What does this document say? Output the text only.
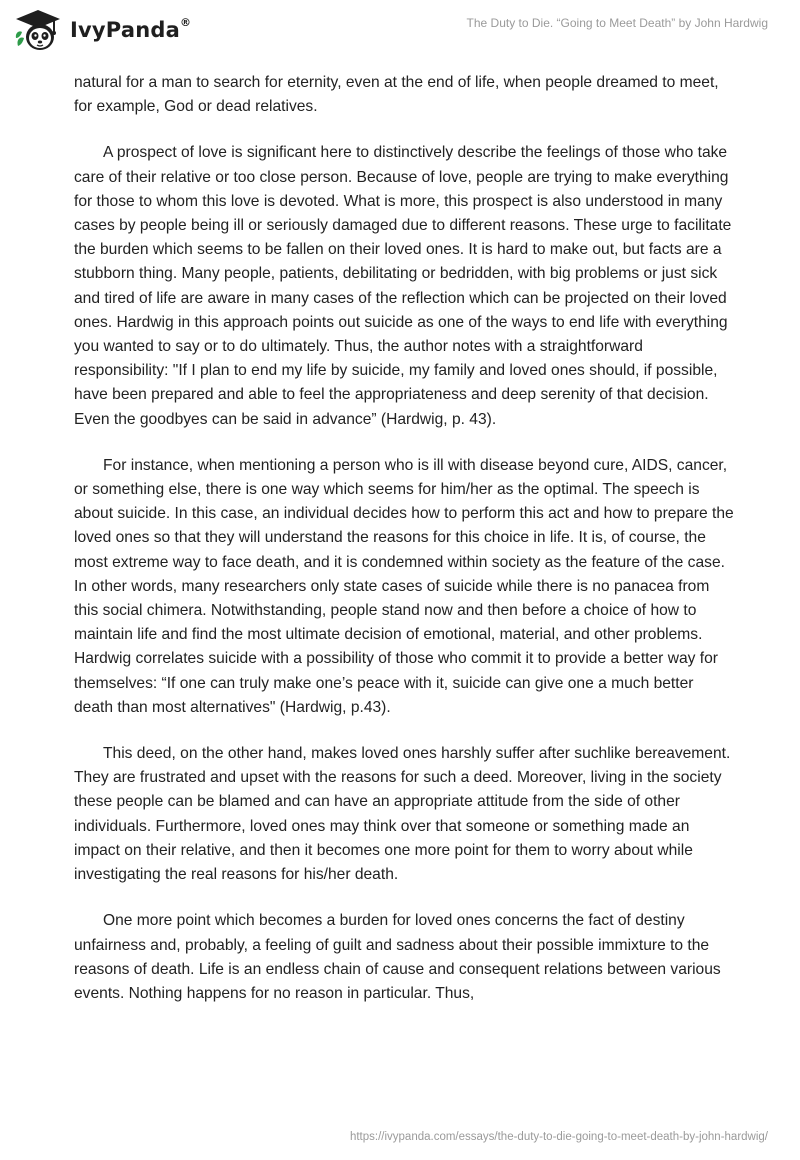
IvyPanda®	The Duty to Die. “Going to Meet Death” by John Hardwig

natural for a man to search for eternity, even at the end of life, when people dreamed to meet, for example, God or dead relatives.

A prospect of love is significant here to distinctively describe the feelings of those who take care of their relative or too close person. Because of love, people are trying to make everything for those to whom this love is devoted. What is more, this prospect is also understood in many cases by people being ill or seriously damaged due to different reasons. These urge to facilitate the burden which seems to be fallen on their loved ones. It is hard to make out, but facts are a stubborn thing. Many people, patients, debilitating or bedridden, with big problems or just sick and tired of life are aware in many cases of the reflection which can be projected on their loved ones. Hardwig in this approach points out suicide as one of the ways to end life with everything you wanted to say or to do ultimately. Thus, the author notes with a straightforward responsibility: "If I plan to end my life by suicide, my family and loved ones should, if possible, have been prepared and able to feel the appropriateness and deep serenity of that decision. Even the goodbyes can be said in advance” (Hardwig, p. 43).

For instance, when mentioning a person who is ill with disease beyond cure, AIDS, cancer, or something else, there is one way which seems for him/her as the optimal. The speech is about suicide. In this case, an individual decides how to perform this act and how to prepare the loved ones so that they will understand the reasons for this choice in life. It is, of course, the most extreme way to face death, and it is condemned within society as the feature of the case. In other words, many researchers only state cases of suicide while there is no panacea from this social chimera. Notwithstanding, people stand now and then before a choice of how to maintain life and find the most ultimate decision of emotional, material, and other problems. Hardwig correlates suicide with a possibility of those who commit it to provide a better way for themselves: “If one can truly make one’s peace with it, suicide can give one a much better death than most alternatives" (Hardwig, p.43).

This deed, on the other hand, makes loved ones harshly suffer after suchlike bereavement. They are frustrated and upset with the reasons for such a deed. Moreover, living in the society these people can be blamed and can have an appropriate attitude from the side of other individuals. Furthermore, loved ones may think over that someone or something made an impact on their relative, and then it becomes one more point for them to worry about while investigating the real reasons for his/her death.

One more point which becomes a burden for loved ones concerns the fact of destiny unfairness and, probably, a feeling of guilt and sadness about their possible immixture to the reasons of death. Life is an endless chain of cause and consequent relations between various events. Nothing happens for no reason in particular. Thus,

https://ivypanda.com/essays/the-duty-to-die-going-to-meet-death-by-john-hardwig/
